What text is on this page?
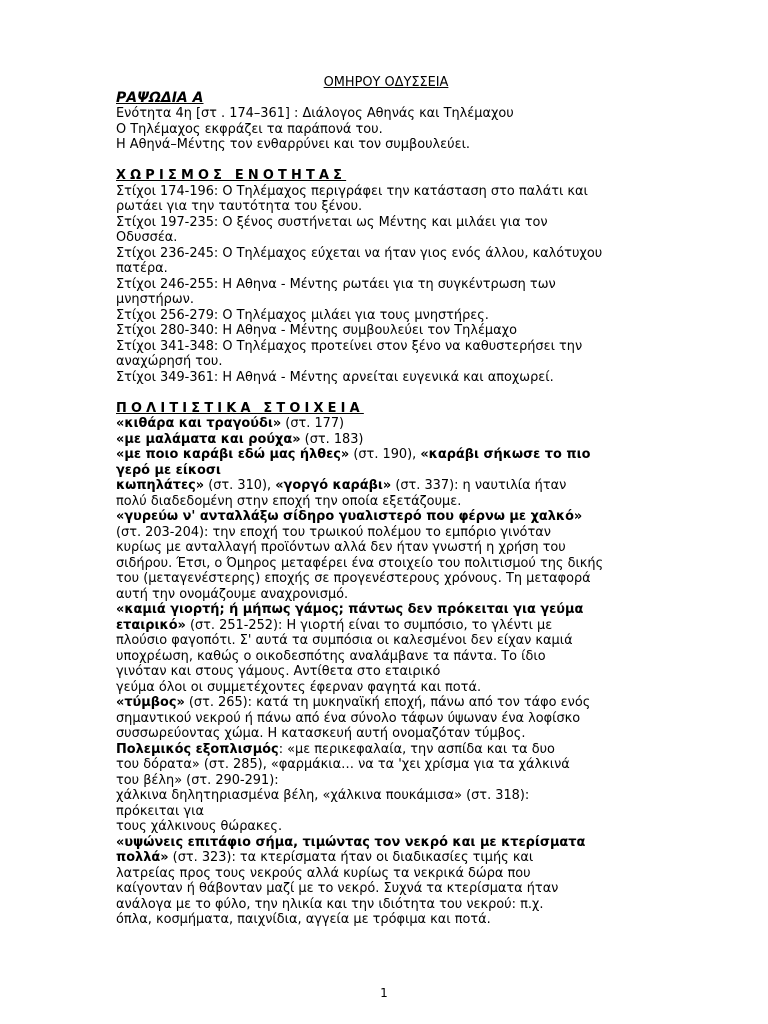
ΟΜΗΡΟΥ ΟΔΥΣΣΕΙΑ
ΡΑΨΩΔΙΑ Α
Ενότητα 4η [στ . 174–361] : Διάλογος Αθηνάς και Τηλέμαχου
Ο Τηλέμαχος εκφράζει τα παράπονά του.
Η Αθηνά–Μέντης τον ενθαρρύνει και τον συμβουλεύει.
ΧΩΡΙΣΜΟΣ ΕΝΟΤΗΤΑΣ
Στίχοι 174-196: Ο Τηλέμαχος περιγράφει την κατάσταση στο παλάτι και
ρωτάει για την ταυτότητα του ξένου.
Στίχοι 197-235: Ο ξένος συστήνεται ως Μέντης και μιλάει για τον
Οδυσσέα.
Στίχοι 236-245: Ο Τηλέμαχος εύχεται να ήταν γιος ενός άλλου, καλότυχου
πατέρα.
Στίχοι 246-255: Η Αθηνα - Μέντης ρωτάει για τη συγκέντρωση των
μνηστήρων.
Στίχοι 256-279: Ο Τηλέμαχος μιλάει για τους μνηστήρες.
Στίχοι 280-340: Η Αθηνα - Μέντης συμβουλεύει τον Τηλέμαχο
Στίχοι 341-348: Ο Τηλέμαχος προτείνει στον ξένο να καθυστερήσει την
αναχώρησή του.
Στίχοι 349-361: Η Αθηνά - Μέντης αρνείται ευγενικά και αποχωρεί.
ΠΟΛΙΤΙΣΤΙΚΑ ΣΤΟΙΧΕΙΑ
«κιθάρα και τραγούδι» (στ. 177)
«με μαλάματα και ρούχα» (στ. 183)
«με ποιο καράβι εδώ μας ήλθες» (στ. 190), «καράβι σήκωσε το πιο
γερό με είκοσι
κωπηλάτες» (στ. 310), «γοργό καράβι» (στ. 337): η ναυτιλία ήταν
πολύ διαδεδομένη στην εποχή την οποία εξετάζουμε.
«γυρεύω ν' ανταλλάξω σίδηρο γυαλιστερό που φέρνω με χαλκό»
(στ. 203-204): την εποχή του τρωικού πολέμου το εμπόριο γινόταν
κυρίως με ανταλλαγή προϊόντων αλλά δεν ήταν γνωστή η χρήση του
σιδήρου. Έτσι, ο Όμηρος μεταφέρει ένα στοιχείο του πολιτισμού της δικής
του (μεταγενέστερης) εποχής σε προγενέστερους χρόνους. Τη μεταφορά
αυτή την ονομάζουμε αναχρονισμό.
«καμιά γιορτή; ή μήπως γάμος; πάντως δεν πρόκειται για γεύμα
εταιρικό» (στ. 251-252): Η γιορτή είναι το συμπόσιο, το γλέντι με
πλούσιο φαγοπότι. Σ' αυτά τα συμπόσια οι καλεσμένοι δεν είχαν καμιά
υποχρέωση, καθώς ο οικοδεσπότης αναλάμβανε τα πάντα. Το ίδιο
γινόταν και στους γάμους. Αντίθετα στο εταιρικό
γεύμα όλοι οι συμμετέχοντες έφερναν φαγητά και ποτά.
«τύμβος» (στ. 265): κατά τη μυκηναϊκή εποχή, πάνω από τον τάφο ενός
σημαντικού νεκρού ή πάνω από ένα σύνολο τάφων ύψωναν ένα λοφίσκο
συσσωρεύοντας χώμα. Η κατασκευή αυτή ονομαζόταν τύμβος.
Πολεμικός εξοπλισμός: «με περικεφαλαία, την ασπίδα και τα δυο
του δόρατα» (στ. 285), «φαρμάκια… να τα 'χει χρίσμα για τα χάλκινά
του βέλη» (στ. 290-291):
χάλκινα δηλητηριασμένα βέλη, «χάλκινα πουκάμισα» (στ. 318):
πρόκειται για
τους χάλκινους θώρακες.
«υψώνεις επιτάφιο σήμα, τιμώντας τον νεκρό και με κτερίσματα
πολλά» (στ. 323): τα κτερίσματα ήταν οι διαδικασίες τιμής και
λατρείας προς τους νεκρούς αλλά κυρίως τα νεκρικά δώρα που
καίγονταν ή θάβονταν μαζί με το νεκρό. Συχνά τα κτερίσματα ήταν
ανάλογα με το φύλο, την ηλικία και την ιδιότητα του νεκρού: π.χ.
όπλα, κοσμήματα, παιχνίδια, αγγεία με τρόφιμα και ποτά.
1
